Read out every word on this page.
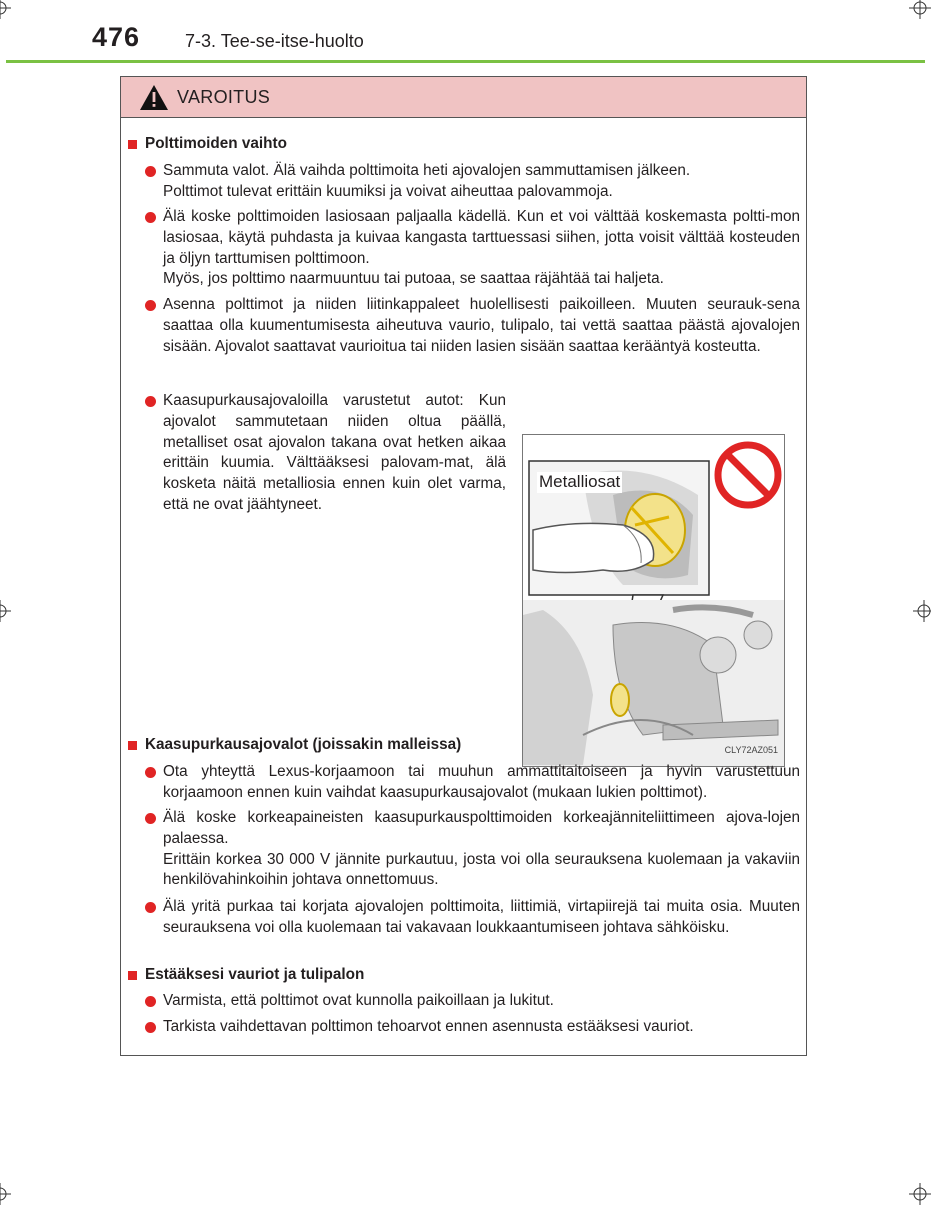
476 7-3. Tee-se-itse-huolto
VAROITUS
Polttimoiden vaihto

Sammuta valot. Älä vaihda polttimoita heti ajovalojen sammuttamisen jälkeen.

Polttimot tulevat erittäin kuumiksi ja voivat aiheuttaa palovammoja.

Älä koske polttimoiden lasiosaan paljaalla kädellä. Kun et voi välttää koskemasta poltti-mon lasiosaa, käytä puhdasta ja kuivaa kangasta tarttuessasi siihen, jotta voisit välttää kosteuden ja öljyn tarttumisen polttimoon.

Myös, jos polttimo naarmuuntuu tai putoaa, se saattaa räjähtää tai haljeta.

Asenna polttimot ja niiden liitinkappaleet huolellisesti paikoilleen. Muuten seurauk-sena saattaa olla kuumentumisesta aiheutuva vaurio, tulipalo, tai vettä saattaa päästä ajovalojen sisään. Ajovalot saattavat vaurioitua tai niiden lasien sisään saattaa kerääntyä kosteutta.

Kaasupurkausajovaloilla varustetut autot: Kun ajovalot sammutetaan niiden oltua päällä, metalliset osat ajovalon takana ovat hetken aikaa erittäin kuumia. Välttääksesi palovam-mat, älä kosketa näitä metalliosia ennen kuin olet varma, että ne ovat jäähtyneet.

Metalliosat
CLY72AZ051
Kaasupurkausajovalot (joissakin malleissa)

Ota yhteyttä Lexus-korjaamoon tai muuhun ammattitaitoiseen ja hyvin varustettuun korjaamoon ennen kuin vaihdat kaasupurkausajovalot (mukaan lukien polttimot).

Älä koske korkeapaineisten kaasupurkauspolttimoiden korkeajänniteliittimeen ajova-lojen palaessa.

Erittäin korkea 30 000 V jännite purkautuu, josta voi olla seurauksena kuolemaan ja vakaviin henkilövahinkoihin johtava onnettomuus.

Älä yritä purkaa tai korjata ajovalojen polttimoita, liittimiä, virtapiirejä tai muita osia. Muuten seurauksena voi olla kuolemaan tai vakavaan loukkaantumiseen johtava sähköisku.

Estääksesi vauriot ja tulipalon

Varmista, että polttimot ovat kunnolla paikoillaan ja lukitut.

Tarkista vaihdettavan polttimon tehoarvot ennen asennusta estääksesi vauriot.
